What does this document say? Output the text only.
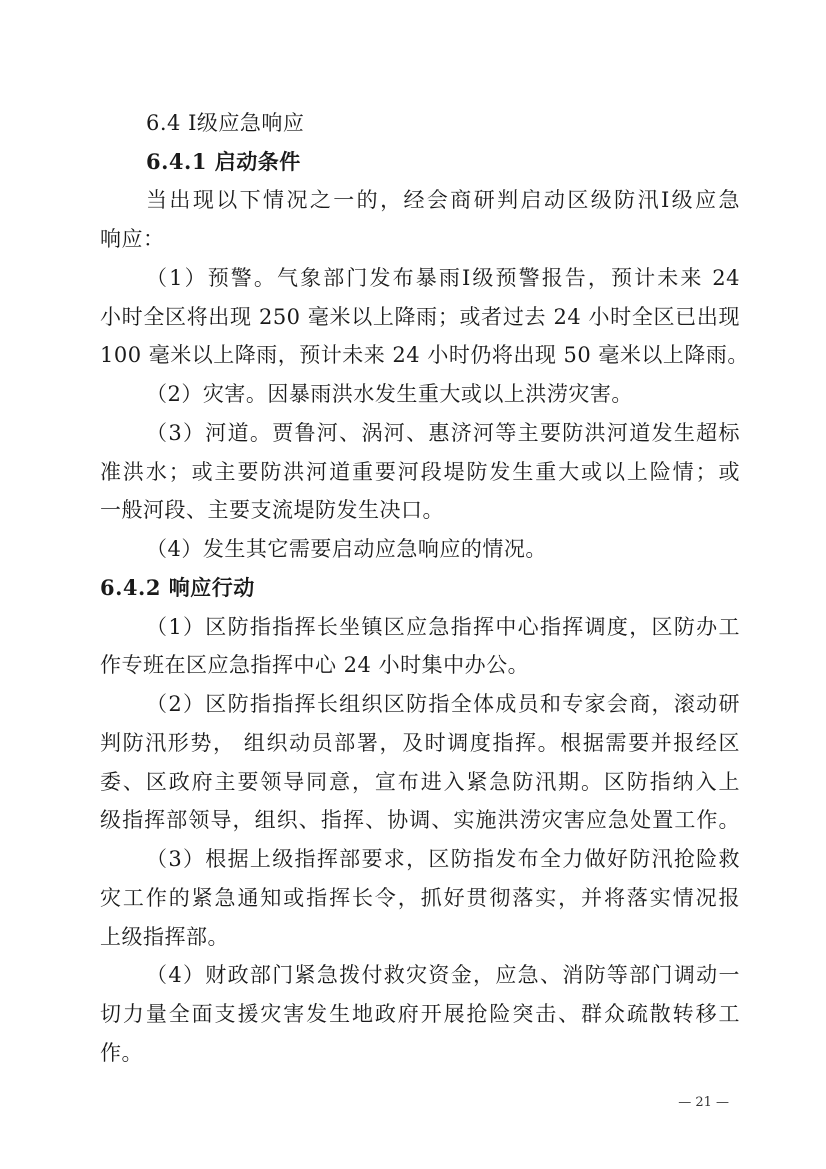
6.4 Ⅰ级应急响应
6.4.1 启动条件
当出现以下情况之一的，经会商研判启动区级防汛Ⅰ级应急
响应：
（1）预警。气象部门发布暴雨Ⅰ级预警报告，预计未来 24
小时全区将出现 250 毫米以上降雨；或者过去 24 小时全区已出现
100 毫米以上降雨，预计未来 24 小时仍将出现 50 毫米以上降雨。
（2）灾害。因暴雨洪水发生重大或以上洪涝灾害。
（3）河道。贾鲁河、涡河、惠济河等主要防洪河道发生超标
准洪水；或主要防洪河道重要河段堤防发生重大或以上险情；或
一般河段、主要支流堤防发生决口。
（4）发生其它需要启动应急响应的情况。
6.4.2 响应行动
（1）区防指指挥长坐镇区应急指挥中心指挥调度，区防办工
作专班在区应急指挥中心 24 小时集中办公。
（2）区防指指挥长组织区防指全体成员和专家会商，滚动研
判防汛形势， 组织动员部署，及时调度指挥。根据需要并报经区
委、区政府主要领导同意，宣布进入紧急防汛期。区防指纳入上
级指挥部领导，组织、指挥、协调、实施洪涝灾害应急处置工作。
（3）根据上级指挥部要求，区防指发布全力做好防汛抢险救
灾工作的紧急通知或指挥长令，抓好贯彻落实，并将落实情况报
上级指挥部。
（4）财政部门紧急拨付救灾资金，应急、消防等部门调动一
切力量全面支援灾害发生地政府开展抢险突击、群众疏散转移工
作。
— 21 —
